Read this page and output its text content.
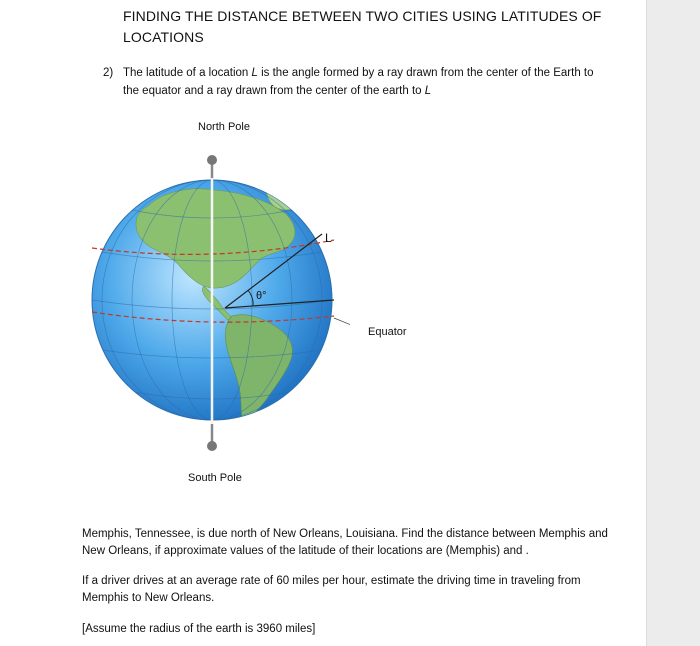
FINDING THE DISTANCE BETWEEN TWO CITIES USING LATITUDES OF
LOCATIONS
2) The latitude of a location L is the angle formed by a ray drawn from the center of the Earth to
the equator and a ray drawn from the center of the earth to L
North Pole
L
θ°
Equator
South Pole
Memphis, Tennessee, is due north of New Orleans, Louisiana. Find the distance between Memphis and
New Orleans, if approximate values of the latitude of their locations are (Memphis) and .
If a driver drives at an average rate of 60 miles per hour, estimate the driving time in traveling from
Memphis to New Orleans.
[Assume the radius of the earth is 3960 miles]
